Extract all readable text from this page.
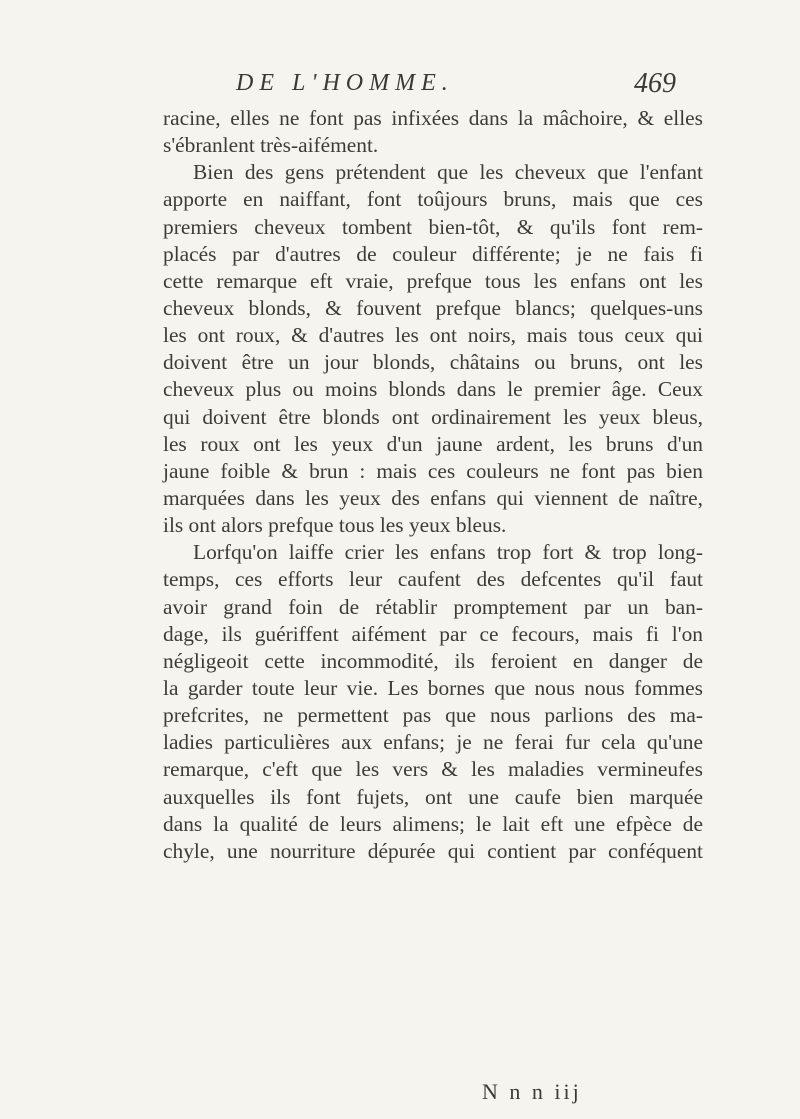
DE L'HOMME.	469
racine, elles ne font pas infixées dans la mâchoire, & elles
s'ébranlent très-aifément.
Bien des gens prétendent que les cheveux que l'enfant
apporte en naiffant, font toûjours bruns, mais que ces
premiers cheveux tombent bien-tôt, & qu'ils font rem-
placés par d'autres de couleur différente; je ne fais fi
cette remarque eft vraie, prefque tous les enfans ont les
cheveux blonds, & fouvent prefque blancs; quelques-uns
les ont roux, & d'autres les ont noirs, mais tous ceux qui
doivent être un jour blonds, châtains ou bruns, ont les
cheveux plus ou moins blonds dans le premier âge. Ceux
qui doivent être blonds ont ordinairement les yeux bleus,
les roux ont les yeux d'un jaune ardent, les bruns d'un
jaune foible & brun : mais ces couleurs ne font pas bien
marquées dans les yeux des enfans qui viennent de naître,
ils ont alors prefque tous les yeux bleus.
Lorfqu'on laiffe crier les enfans trop fort & trop long-
temps, ces efforts leur caufent des defcentes qu'il faut
avoir grand foin de rétablir promptement par un ban-
dage, ils guériffent aifément par ce fecours, mais fi l'on
négligeoit cette incommodité, ils feroient en danger de
la garder toute leur vie. Les bornes que nous nous fommes
prefcrites, ne permettent pas que nous parlions des ma-
ladies particulières aux enfans; je ne ferai fur cela qu'une
remarque, c'eft que les vers & les maladies vermineufes
auxquelles ils font fujets, ont une caufe bien marquée
dans la qualité de leurs alimens; le lait eft une efpèce de
chyle, une nourriture dépurée qui contient par conféquent
N n n iij
